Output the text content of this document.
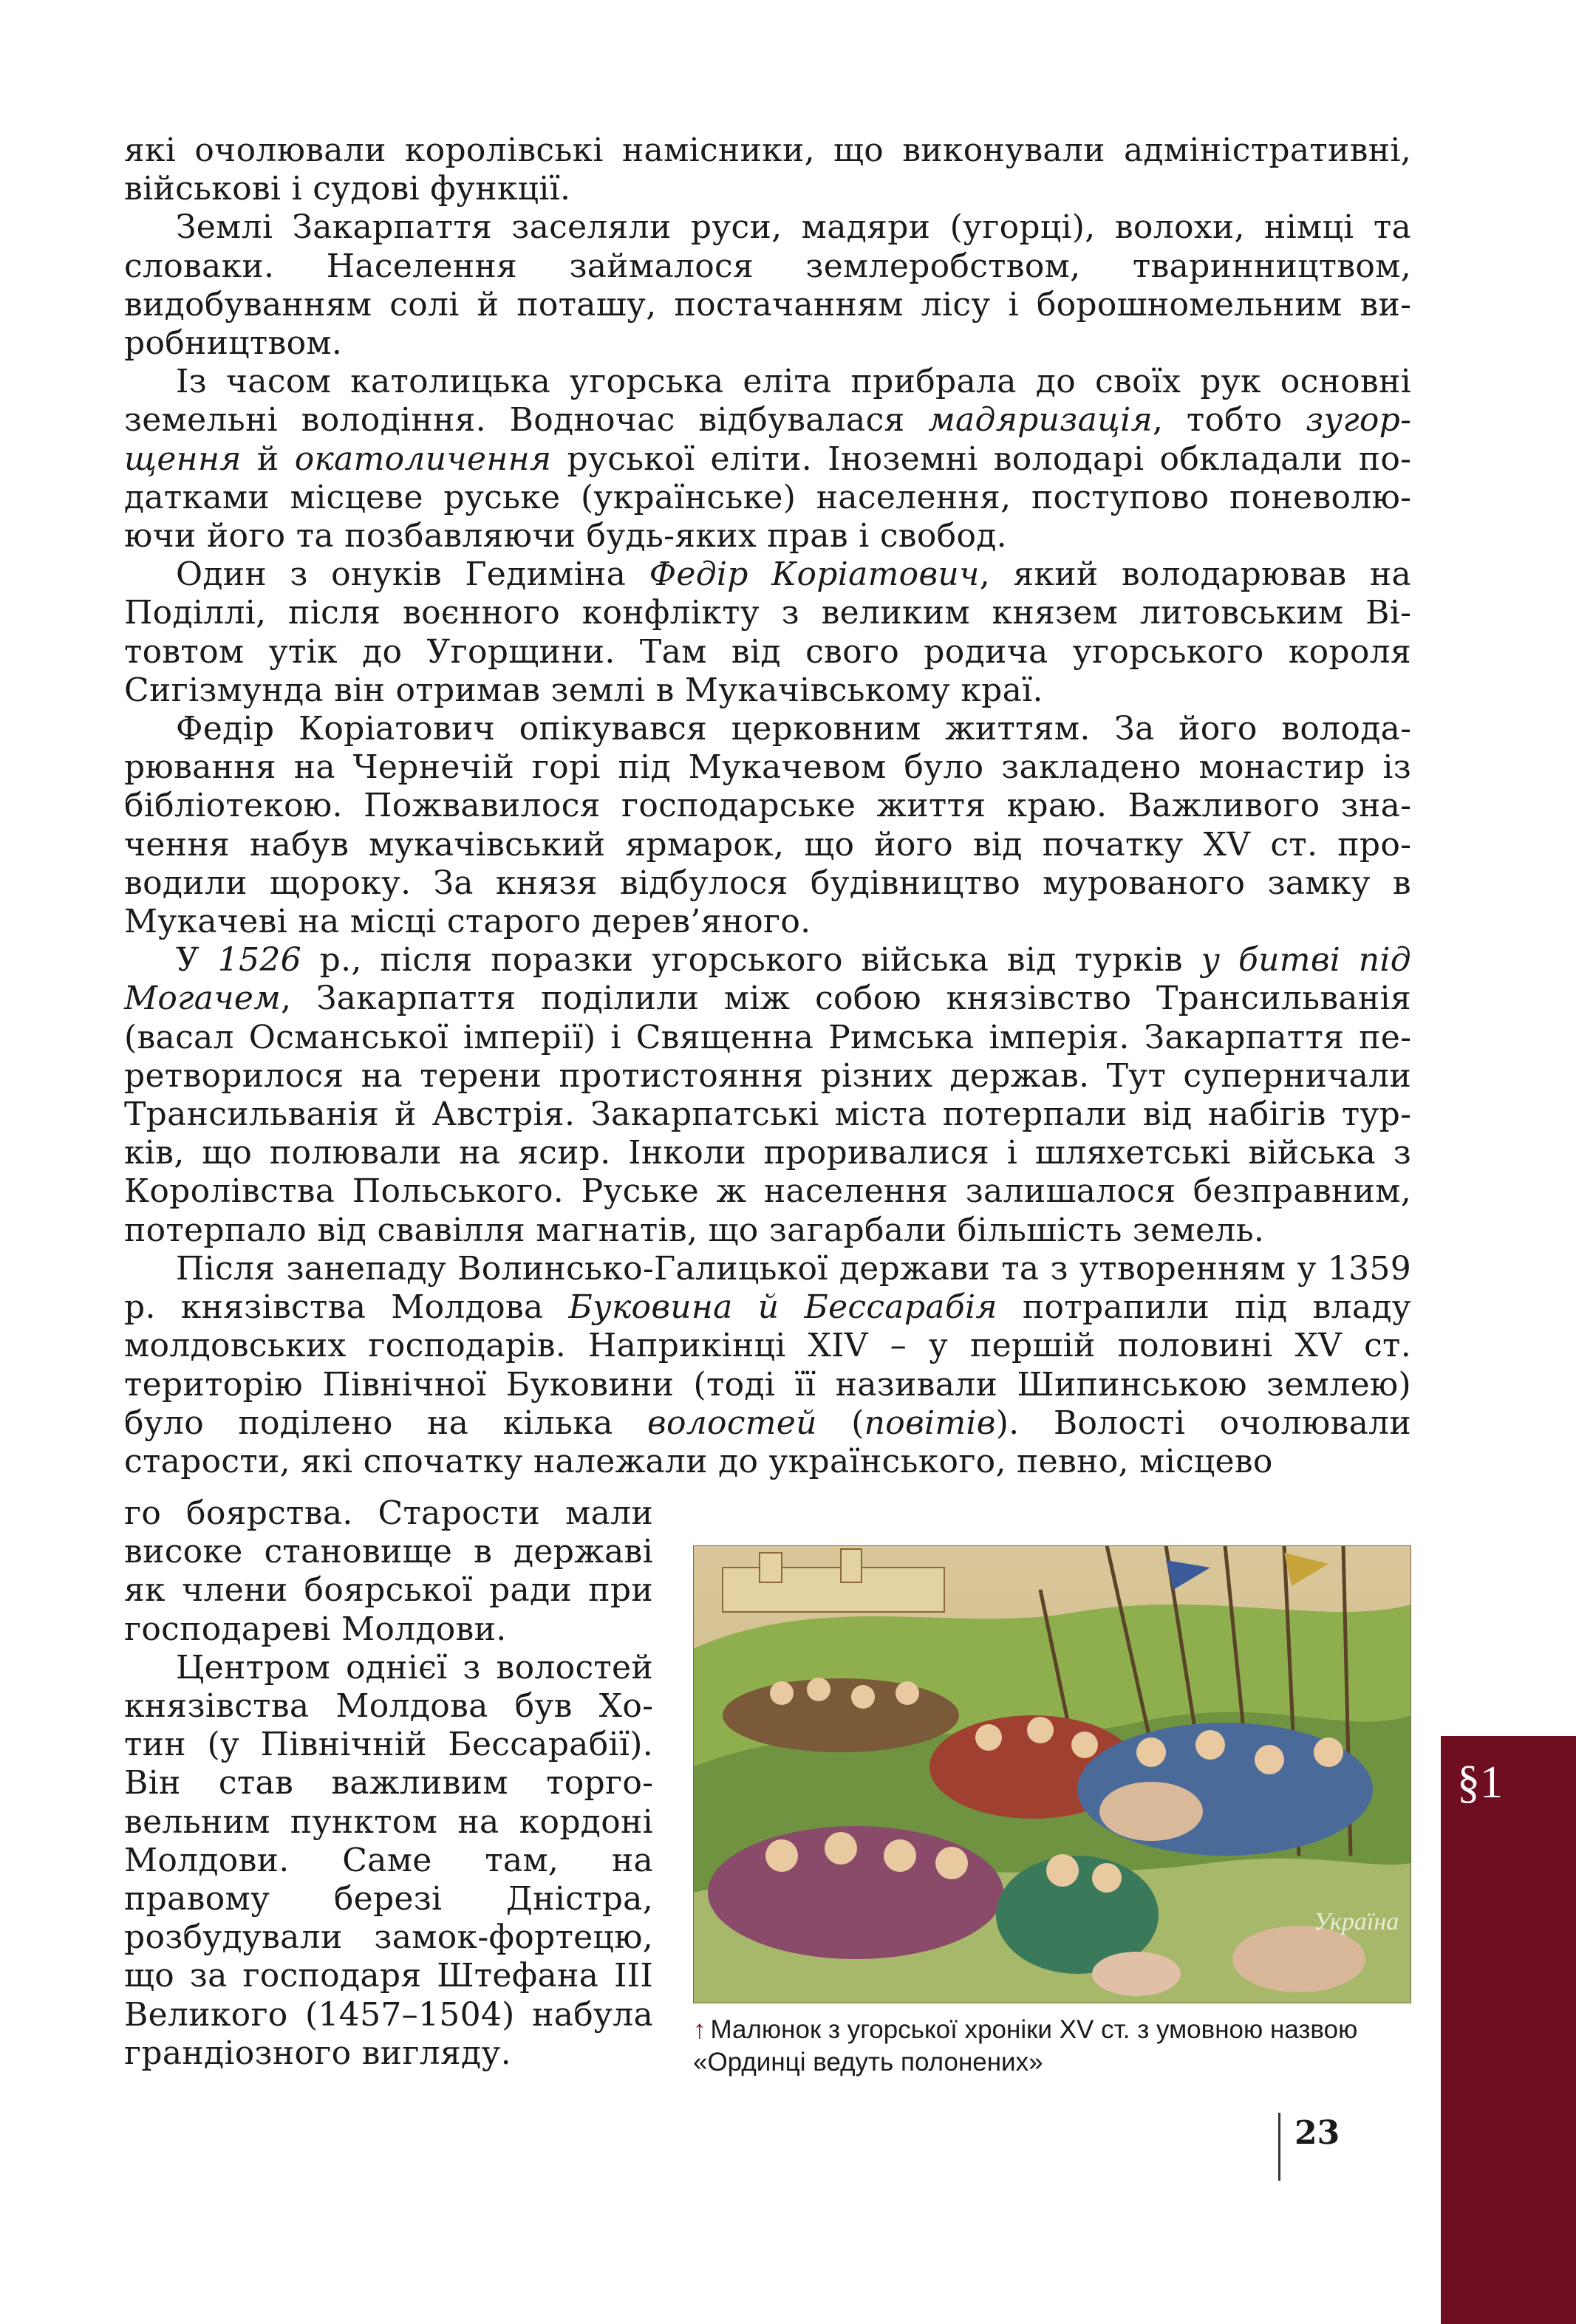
які очолювали королівські намісники, що виконували адміністративні, військові і судові функції.

Землі Закарпаття заселяли руси, мадяри (угорці), волохи, німці та словаки. Населення займалося землеробством, тваринництвом, видобуванням солі й поташу, постачанням лісу і борошномельним виробництвом.

Із часом католицька угорська еліта прибрала до своїх рук основні земельні володіння. Водночас відбувалася мадяризація, тобто зугорщення й окатоличення руської еліти. Іноземні володарі обкладали податками місцеве руське (українське) населення, поступово поневолюючи його та позбавляючи будь-яких прав і свобод.

Один з онуків Гедиміна Федір Коріатович, який володарював на Поділлі, після воєнного конфлікту з великим князем литовським Вітовтом утік до Угорщини. Там від свого родича угорського короля Сигізмунда він отримав землі в Мукачівському краї.

Федір Коріатович опікувався церковним життям. За його володарювання на Чернечій горі під Мукачевом було закладено монастир із бібліотекою. Пожвавилося господарське життя краю. Важливого значення набув мукачівський ярмарок, що його від початку XV ст. проводили щороку. За князя відбулося будівництво мурованого замку в Мукачеві на місці старого дерев’яного.

У 1526 р., після поразки угорського війська від турків у битві під Могачем, Закарпаття поділили між собою князівство Трансильванія (васал Османської імперії) і Священна Римська імперія. Закарпаття перетворилося на терени протистояння різних держав. Тут суперничали Трансильванія й Австрія. Закарпатські міста потерпали від набігів турків, що полювали на ясир. Інколи проривалися і шляхетські війська з Королівства Польського. Руське ж населення залишалося безправним, потерпало від свавілля магнатів, що загарбали більшість земель.

Після занепаду Волинсько-Галицької держави та з утворенням у 1359 р. князівства Молдова Буковина й Бессарабія потрапили під владу молдовських господарів. Наприкінці XIV – у першій половині XV ст. територію Північної Буковини (тоді її називали Шипинською землею) було поділено на кілька волостей (повітів). Волості очолювали старости, які спочатку належали до українського, певно, місцево

го боярства. Старости мали високе становище в державі як члени боярської ради при господареві Молдови.

Центром однієї з волостей князівства Молдова був Хотин (у Північній Бессарабії). Він став важливим торговельним пунктом на кордоні Молдови. Саме там, на правому березі Дністра, розбудували замок-фортецю, що за господаря Штефана III Великого (1457–1504) набула грандіозного вигляду.

Україна
↑ Малюнок з угорської хроніки XV ст. з умовною назвою «Ординці ведуть полонених»
§1
23
